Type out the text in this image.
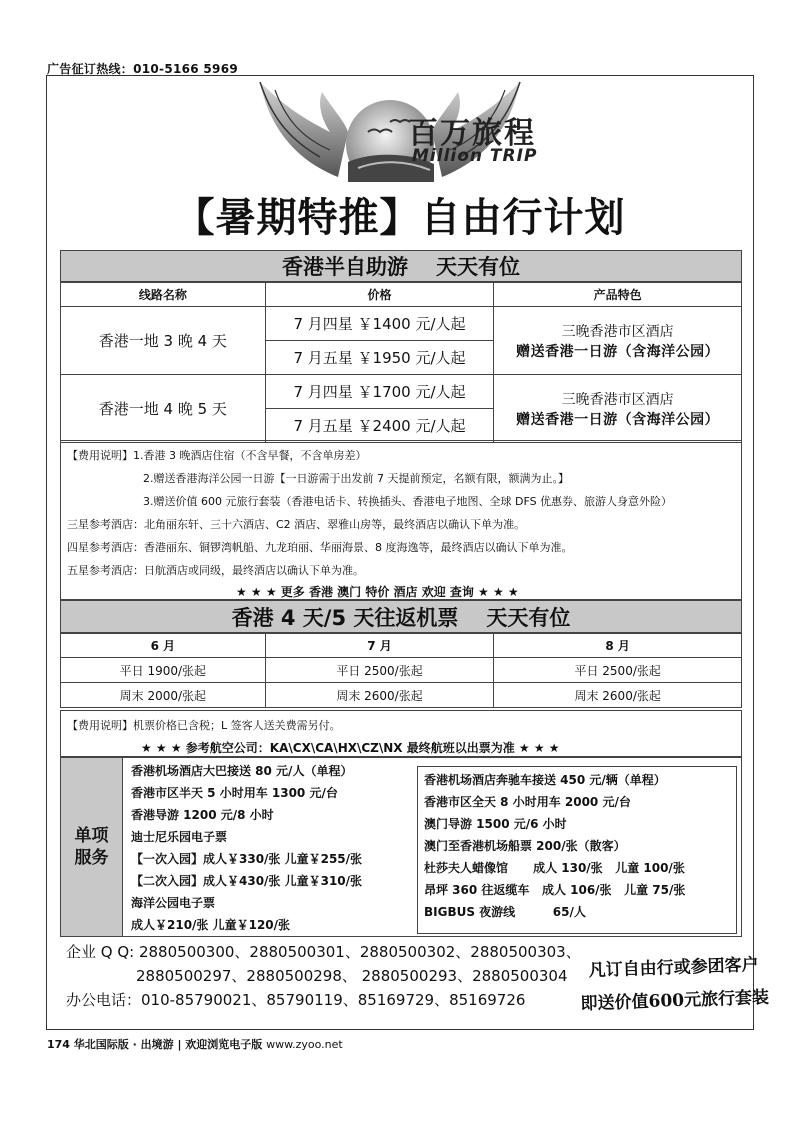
广告征订热线：010-5166 5969
百万旅程
Million TRIP
【暑期特推】自由行计划
香港半自助游 天天有位
线路名称	价格	产品特色
香港一地 3 晚 4 天	7 月四星 ￥1400 元/人起	三晚香港市区酒店
赠送香港一日游（含海洋公园）

	7 月五星 ￥1950 元/人起	
香港一地 4 晚 5 天	7 月四星 ￥1700 元/人起	三晚香港市区酒店
赠送香港一日游（含海洋公园）

	7 月五星 ￥2400 元/人起	

【费用说明】1.香港 3 晚酒店住宿（不含早餐，不含单房差）

2.赠送香港海洋公园一日游【一日游需于出发前 7 天提前预定，名额有限，额满为止。】

3.赠送价值 600 元旅行套装（香港电话卡、转换插头、香港电子地图、全球 DFS 优惠券、旅游人身意外险）

三星参考酒店：北角丽东轩、三十六酒店、C2 酒店、翠雅山房等，最终酒店以确认下单为准。

四星参考酒店：香港丽东、铜锣湾帆船、九龙珀丽、华丽海景、8 度海逸等，最终酒店以确认下单为准。

五星参考酒店：日航酒店或同级，最终酒店以确认下单为准。

★ ★ ★ 更多 香港 澳门 特价 酒店 欢迎 查询 ★ ★ ★

香港 4 天/5 天往返机票 天天有位
6 月	7 月	8 月
平日 1900/张起	平日 2500/张起	平日 2500/张起
周末 2000/张起	周末 2600/张起	周末 2600/张起

【费用说明】机票价格已含税；L 签客人送关费需另付。

★ ★ ★ 参考航空公司：KA\CX\CA\HX\CZ\NX 最终航班以出票为准 ★ ★ ★

单项
服务
香港机场酒店大巴接送 80 元/人（单程）
香港市区半天 5 小时用车 1300 元/台
香港导游 1200 元/8 小时
迪士尼乐园电子票
【一次入园】成人￥330/张 儿童￥255/张
【二次入园】成人￥430/张 儿童￥310/张
海洋公园电子票
成人￥210/张 儿童￥120/张
香港机场酒店奔驰车接送 450 元/辆（单程）
香港市区全天 8 小时用车 2000 元/台
澳门导游 1500 元/6 小时
澳门至香港机场船票 200/张（散客）
杜莎夫人蜡像馆      成人 130/张   儿童 100/张
昂坪 360 往返缆车   成人 106/张   儿童 75/张
BIGBUS 夜游线         65/人

企业 Q Q: 2880500300、2880500301、2880500302、2880500303、

2880500297、2880500298、 2880500293、2880500304

办公电话：010-85790021、85790119、85169729、85169726

凡订自由行或参团客户
即送价值600元旅行套装
174 华北国际版 · 出境游 | 欢迎浏览电子版 www.zyoo.net
